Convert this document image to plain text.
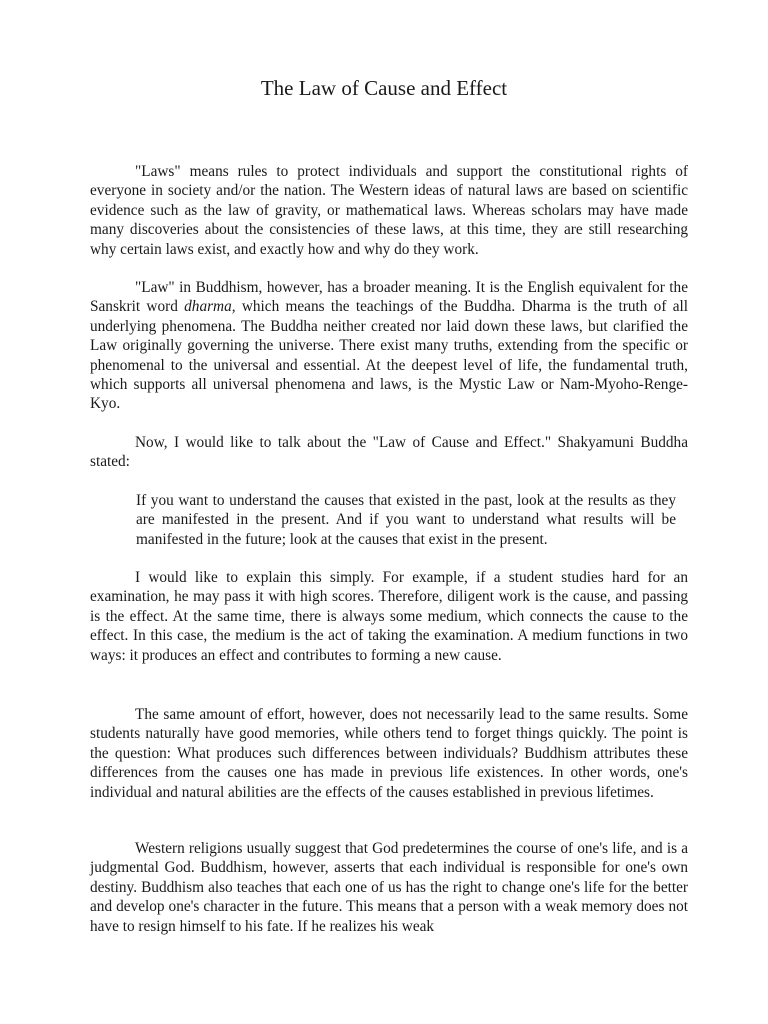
The Law of Cause and Effect
"Laws" means rules to protect individuals and support the constitutional rights of everyone in society and/or the nation. The Western ideas of natural laws are based on scientific evidence such as the law of gravity, or mathematical laws. Whereas scholars may have made many discoveries about the consistencies of these laws, at this time, they are still researching why certain laws exist, and exactly how and why do they work.
"Law" in Buddhism, however, has a broader meaning. It is the English equivalent for the Sanskrit word dharma, which means the teachings of the Buddha. Dharma is the truth of all underlying phenomena. The Buddha neither created nor laid down these laws, but clarified the Law originally governing the universe. There exist many truths, extending from the specific or phenomenal to the universal and essential. At the deepest level of life, the fundamental truth, which supports all universal phenomena and laws, is the Mystic Law or Nam-Myoho-Renge-Kyo.
Now, I would like to talk about the "Law of Cause and Effect." Shakyamuni Buddha stated:
If you want to understand the causes that existed in the past, look at the results as they are manifested in the present. And if you want to understand what results will be manifested in the future; look at the causes that exist in the present.
I would like to explain this simply. For example, if a student studies hard for an examination, he may pass it with high scores. Therefore, diligent work is the cause, and passing is the effect. At the same time, there is always some medium, which connects the cause to the effect. In this case, the medium is the act of taking the examination. A medium functions in two ways: it produces an effect and contributes to forming a new cause.
The same amount of effort, however, does not necessarily lead to the same results. Some students naturally have good memories, while others tend to forget things quickly. The point is the question: What produces such differences between individuals? Buddhism attributes these differences from the causes one has made in previous life existences. In other words, one's individual and natural abilities are the effects of the causes established in previous lifetimes.
Western religions usually suggest that God predetermines the course of one's life, and is a judgmental God. Buddhism, however, asserts that each individual is responsible for one's own destiny. Buddhism also teaches that each one of us has the right to change one's life for the better and develop one's character in the future. This means that a person with a weak memory does not have to resign himself to his fate. If he realizes his weak
